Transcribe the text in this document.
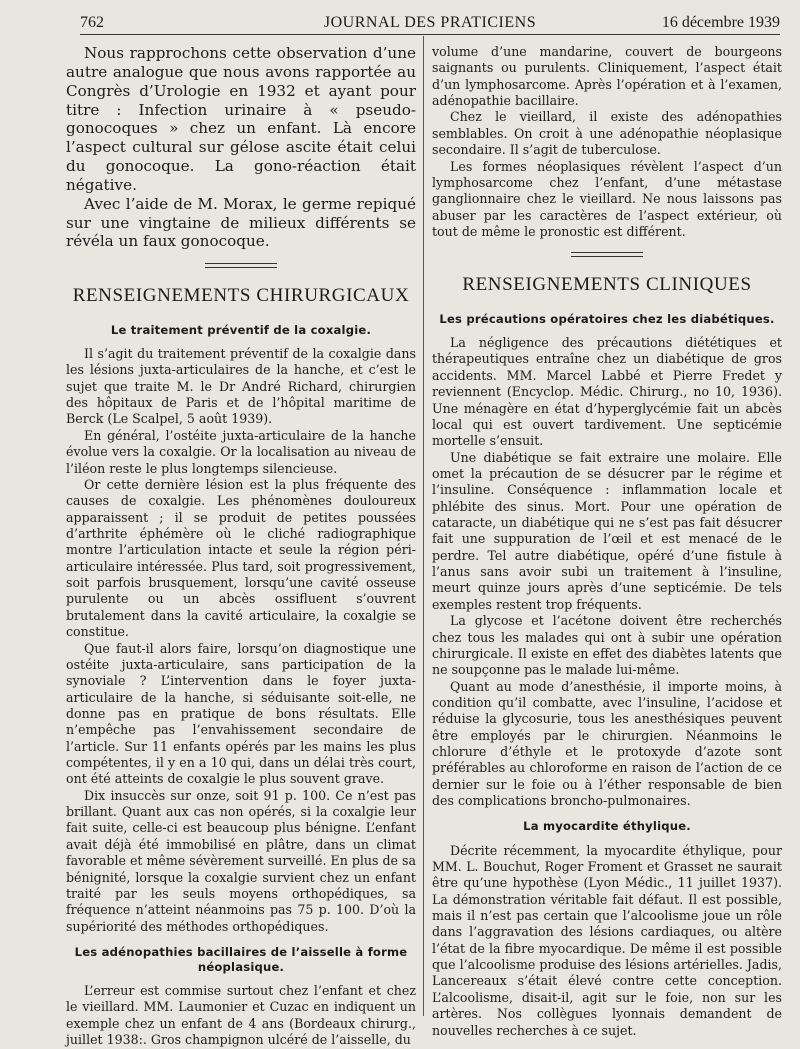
762	JOURNAL DES PRATICIENS	16 décembre 1939

Nous rapprochons cette observation d’une autre analogue que nous avons rapportée au Congrès d’Urologie en 1932 et ayant pour titre : Infection urinaire à « pseudo-gonocoques » chez un enfant. Là encore l’aspect cultural sur gélose ascite était celui du gonocoque. La gono-réaction était négative.

Avec l’aide de M. Morax, le germe repiqué sur une vingtaine de milieux différents se révéla un faux gonocoque.

RENSEIGNEMENTS CHIRURGICAUX
Le traitement préventif de la coxalgie.

Il s’agit du traitement préventif de la coxalgie dans les lésions juxta-articulaires de la hanche, et c’est le sujet que traite M. le Dr André Richard, chirurgien des hôpitaux de Paris et de l’hôpital maritime de Berck (Le Scalpel, 5 août 1939).

En général, l’ostéite juxta-articulaire de la hanche évolue vers la coxalgie. Or la localisation au niveau de l’iléon reste le plus longtemps silencieuse.

Or cette dernière lésion est la plus fréquente des causes de coxalgie. Les phénomènes douloureux apparaissent ; il se produit de petites poussées d’arthrite éphémère où le cliché radiographique montre l’articulation intacte et seule la région péri-articulaire intéressée. Plus tard, soit progressivement, soit parfois brusquement, lorsqu’une cavité osseuse purulente ou un abcès ossifluent s’ouvrent brutalement dans la cavité articulaire, la coxalgie se constitue.

Que faut-il alors faire, lorsqu’on diagnostique une ostéite juxta-articulaire, sans participation de la synoviale ? L’intervention dans le foyer juxta-articulaire de la hanche, si séduisante soit-elle, ne donne pas en pratique de bons résultats. Elle n’empêche pas l’envahissement secondaire de l’article. Sur 11 enfants opérés par les mains les plus compétentes, il y en a 10 qui, dans un délai très court, ont été atteints de coxalgie le plus souvent grave.

Dix insuccès sur onze, soit 91 p. 100. Ce n’est pas brillant. Quant aux cas non opérés, si la coxalgie leur fait suite, celle-ci est beaucoup plus bénigne. L’enfant avait déjà été immobilisé en plâtre, dans un climat favorable et même sévèrement surveillé. En plus de sa bénignité, lorsque la coxalgie survient chez un enfant traité par les seuls moyens orthopédiques, sa fréquence n’atteint néanmoins pas 75 p. 100. D’où la supériorité des méthodes orthopédiques.

Les adénopathies bacillaires de l’aisselle à forme néoplasique.

L’erreur est commise surtout chez l’enfant et chez le vieillard. MM. Laumonier et Cuzac en indiquent un exemple chez un enfant de 4 ans (Bordeaux chirurg., juillet 1938:. Gros champignon ulcéré de l’aisselle, du

volume d’une mandarine, couvert de bourgeons saignants ou purulents. Cliniquement, l’aspect était d’un lymphosarcome. Après l’opération et à l’examen, adénopathie bacillaire.

Chez le vieillard, il existe des adénopathies semblables. On croit à une adénopathie néoplasique secondaire. Il s’agit de tuberculose.

Les formes néoplasiques révèlent l’aspect d’un lymphosarcome chez l’enfant, d’une métastase ganglionnaire chez le vieillard. Ne nous laissons pas abuser par les caractères de l’aspect extérieur, où tout de même le pronostic est différent.

RENSEIGNEMENTS CLINIQUES
Les précautions opératoires chez les diabétiques.

La négligence des précautions diététiques et thérapeutiques entraîne chez un diabétique de gros accidents. MM. Marcel Labbé et Pierre Fredet y reviennent (Encyclop. Médic. Chirurg., no 10, 1936). Une ménagère en état d’hyperglycémie fait un abcès local qui est ouvert tardivement. Une septicémie mortelle s’ensuit.

Une diabétique se fait extraire une molaire. Elle omet la précaution de se désucrer par le régime et l’insuline. Conséquence : inflammation locale et phlébite des sinus. Mort. Pour une opération de cataracte, un diabétique qui ne s’est pas fait désucrer fait une suppuration de l’œil et est menacé de le perdre. Tel autre diabétique, opéré d’une fistule à l’anus sans avoir subi un traitement à l’insuline, meurt quinze jours après d’une septicémie. De tels exemples restent trop fréquents.

La glycose et l’acétone doivent être recherchés chez tous les malades qui ont à subir une opération chirurgicale. Il existe en effet des diabètes latents que ne soupçonne pas le malade lui-même.

Quant au mode d’anesthésie, il importe moins, à condition qu’il combatte, avec l’insuline, l’acidose et réduise la glycosurie, tous les anesthésiques peuvent être employés par le chirurgien. Néanmoins le chlorure d’éthyle et le protoxyde d’azote sont préférables au chloroforme en raison de l’action de ce dernier sur le foie ou à l’éther responsable de bien des complications broncho-pulmonaires.

La myocardite éthylique.

Décrite récemment, la myocardite éthylique, pour MM. L. Bouchut, Roger Froment et Grasset ne saurait être qu’une hypothèse (Lyon Médic., 11 juillet 1937). La démonstration véritable fait défaut. Il est possible, mais il n’est pas certain que l’alcoolisme joue un rôle dans l’aggravation des lésions cardiaques, ou altère l’état de la fibre myocardique. De même il est possible que l’alcoolisme produise des lésions artérielles. Jadis, Lancereaux s’était élevé contre cette conception. L’alcoolisme, disait-il, agit sur le foie, non sur les artères. Nos collègues lyonnais demandent de nouvelles recherches à ce sujet.
